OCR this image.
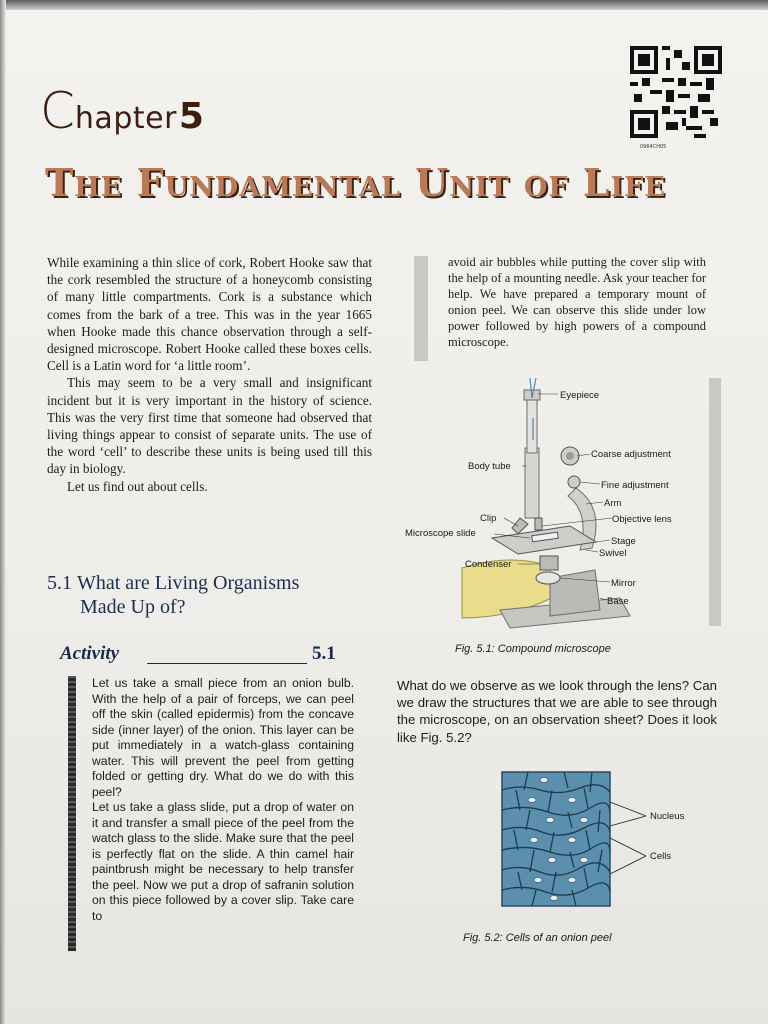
0964CH05
Chapter5
The Fundamental Unit of Life

While examining a thin slice of cork, Robert Hooke saw that the cork resembled the structure of a honeycomb consisting of many little compartments. Cork is a substance which comes from the bark of a tree. This was in the year 1665 when Hooke made this chance observation through a self-designed microscope. Robert Hooke called these boxes cells. Cell is a Latin word for ‘a little room’.

This may seem to be a very small and insignificant incident but it is very important in the history of science. This was the very first time that someone had observed that living things appear to consist of separate units. The use of the word ‘cell’ to describe these units is being used till this day in biology.

Let us find out about cells.

5.1 What are Living Organisms
Made Up of?
Activity	5.1

Let us take a small piece from an onion bulb. With the help of a pair of forceps, we can peel off the skin (called epidermis) from the concave side (inner layer) of the onion. This layer can be put immediately in a watch-glass containing water. This will prevent the peel from getting folded or getting dry. What do we do with this peel?

Let us take a glass slide, put a drop of water on it and transfer a small piece of the peel from the watch glass to the slide. Make sure that the peel is perfectly flat on the slide. A thin camel hair paintbrush might be necessary to help transfer the peel. Now we put a drop of safranin solution on this piece followed by a cover slip. Take care to

avoid air bubbles while putting the cover slip with the help of a mounting needle. Ask your teacher for help. We have prepared a temporary mount of onion peel. We can observe this slide under low power followed by high powers of a compound microscope.

Eyepiece
Coarse adjustment
Body tube
Fine adjustment
Arm
Clip	Objective lens
Microscope slide
Stage
Swivel
Condenser
Mirror
Base
Fig. 5.1: Compound microscope

What do we observe as we look through the lens? Can we draw the structures that we are able to see through the microscope, on an observation sheet? Does it look like Fig. 5.2?

Nucleus
Cells
Fig. 5.2: Cells of an onion peel
